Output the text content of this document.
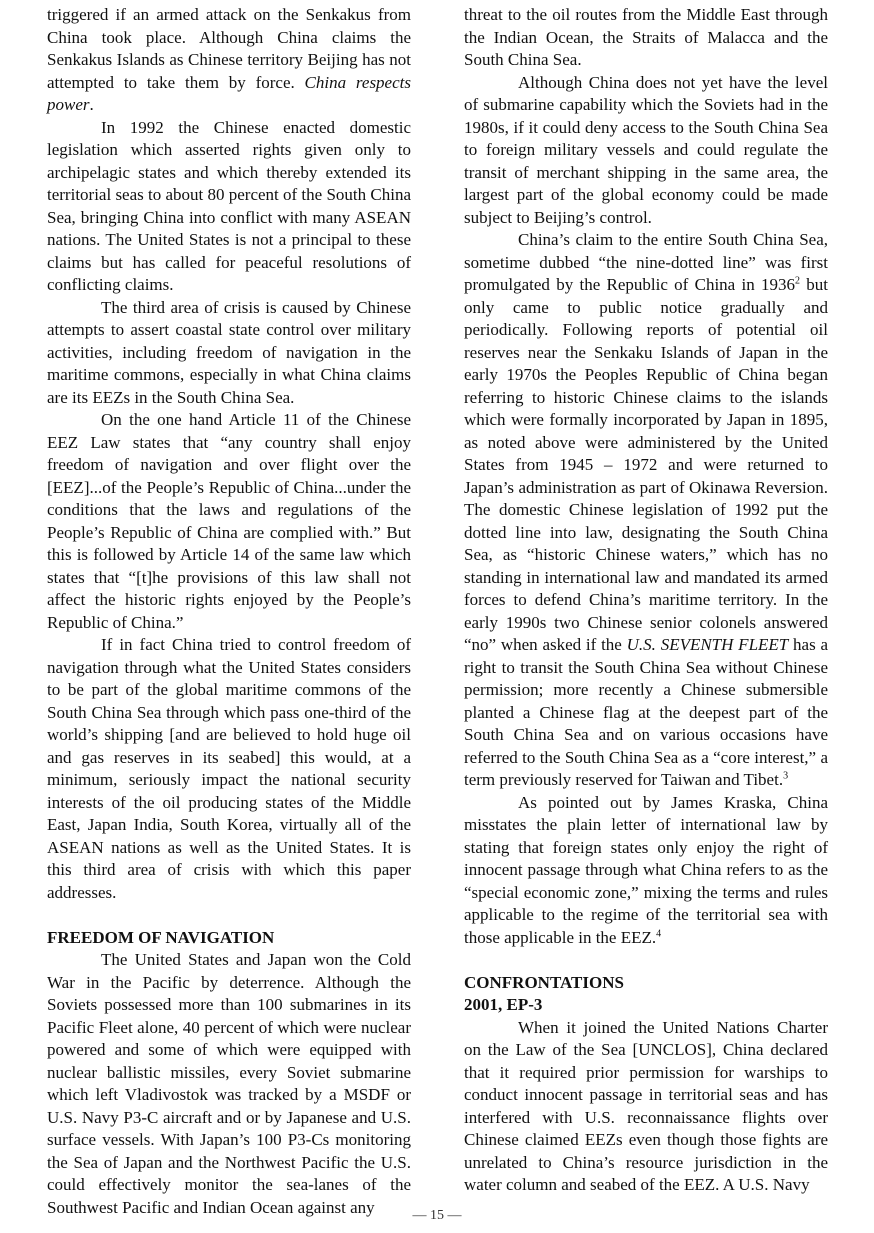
triggered if an armed attack on the Senkakus from China took place. Although China claims the Senkakus Islands as Chinese territory Beijing has not attempted to take them by force. China respects power.

In 1992 the Chinese enacted domestic legislation which asserted rights given only to archipelagic states and which thereby extended its territorial seas to about 80 percent of the South China Sea, bringing China into conflict with many ASEAN nations. The United States is not a principal to these claims but has called for peaceful resolutions of conflicting claims.

The third area of crisis is caused by Chinese attempts to assert coastal state control over military activities, including freedom of navigation in the maritime commons, especially in what China claims are its EEZs in the South China Sea.

On the one hand Article 11 of the Chinese EEZ Law states that “any country shall enjoy freedom of navigation and over flight over the [EEZ]...of the People’s Republic of China...under the conditions that the laws and regulations of the People’s Republic of China are complied with.” But this is followed by Article 14 of the same law which states that “[t]he provisions of this law shall not affect the historic rights enjoyed by the People’s Republic of China.”

If in fact China tried to control freedom of navigation through what the United States considers to be part of the global maritime commons of the South China Sea through which pass one-third of the world’s shipping [and are believed to hold huge oil and gas reserves in its seabed] this would, at a minimum, seriously impact the national security interests of the oil producing states of the Middle East, Japan India, South Korea, virtually all of the ASEAN nations as well as the United States. It is this third area of crisis with which this paper addresses.

FREEDOM OF NAVIGATION

The United States and Japan won the Cold War in the Pacific by deterrence. Although the Soviets possessed more than 100 submarines in its Pacific Fleet alone, 40 percent of which were nuclear powered and some of which were equipped with nuclear ballistic missiles, every Soviet submarine which left Vladivostok was tracked by a MSDF or U.S. Navy P3-C aircraft and or by Japanese and U.S. surface vessels. With Japan’s 100 P3-Cs monitoring the Sea of Japan and the Northwest Pacific the U.S. could effectively monitor the sea-lanes of the Southwest Pacific and Indian Ocean against any

threat to the oil routes from the Middle East through the Indian Ocean, the Straits of Malacca and the South China Sea.

Although China does not yet have the level of submarine capability which the Soviets had in the 1980s, if it could deny access to the South China Sea to foreign military vessels and could regulate the transit of merchant shipping in the same area, the largest part of the global economy could be made subject to Beijing’s control.

China’s claim to the entire South China Sea, sometime dubbed “the nine-dotted line” was first promulgated by the Republic of China in 1936$^2$ but only came to public notice gradually and periodically. Following reports of potential oil reserves near the Senkaku Islands of Japan in the early 1970s the Peoples Republic of China began referring to historic Chinese claims to the islands which were formally incorporated by Japan in 1895, as noted above were administered by the United States from 1945 – 1972 and were returned to Japan’s administration as part of Okinawa Reversion. The domestic Chinese legislation of 1992 put the dotted line into law, designating the South China Sea, as “historic Chinese waters,” which has no standing in international law and mandated its armed forces to defend China’s maritime territory. In the early 1990s two Chinese senior colonels answered “no” when asked if the U.S. SEVENTH FLEET has a right to transit the South China Sea without Chinese permission; more recently a Chinese submersible planted a Chinese flag at the deepest part of the South China Sea and on various occasions have referred to the South China Sea as a “core interest,” a term previously reserved for Taiwan and Tibet.$^3$

As pointed out by James Kraska, China misstates the plain letter of international law by stating that foreign states only enjoy the right of innocent passage through what China refers to as the “special economic zone,” mixing the terms and rules applicable to the regime of the territorial sea with those applicable in the EEZ.$^4$

CONFRONTATIONS

2001, EP-3

When it joined the United Nations Charter on the Law of the Sea [UNCLOS], China declared that it required prior permission for warships to conduct innocent passage in territorial seas and has interfered with U.S. reconnaissance flights over Chinese claimed EEZs even though those fights are unrelated to China’s resource jurisdiction in the water column and seabed of the EEZ. A U.S. Navy

— 15 —
